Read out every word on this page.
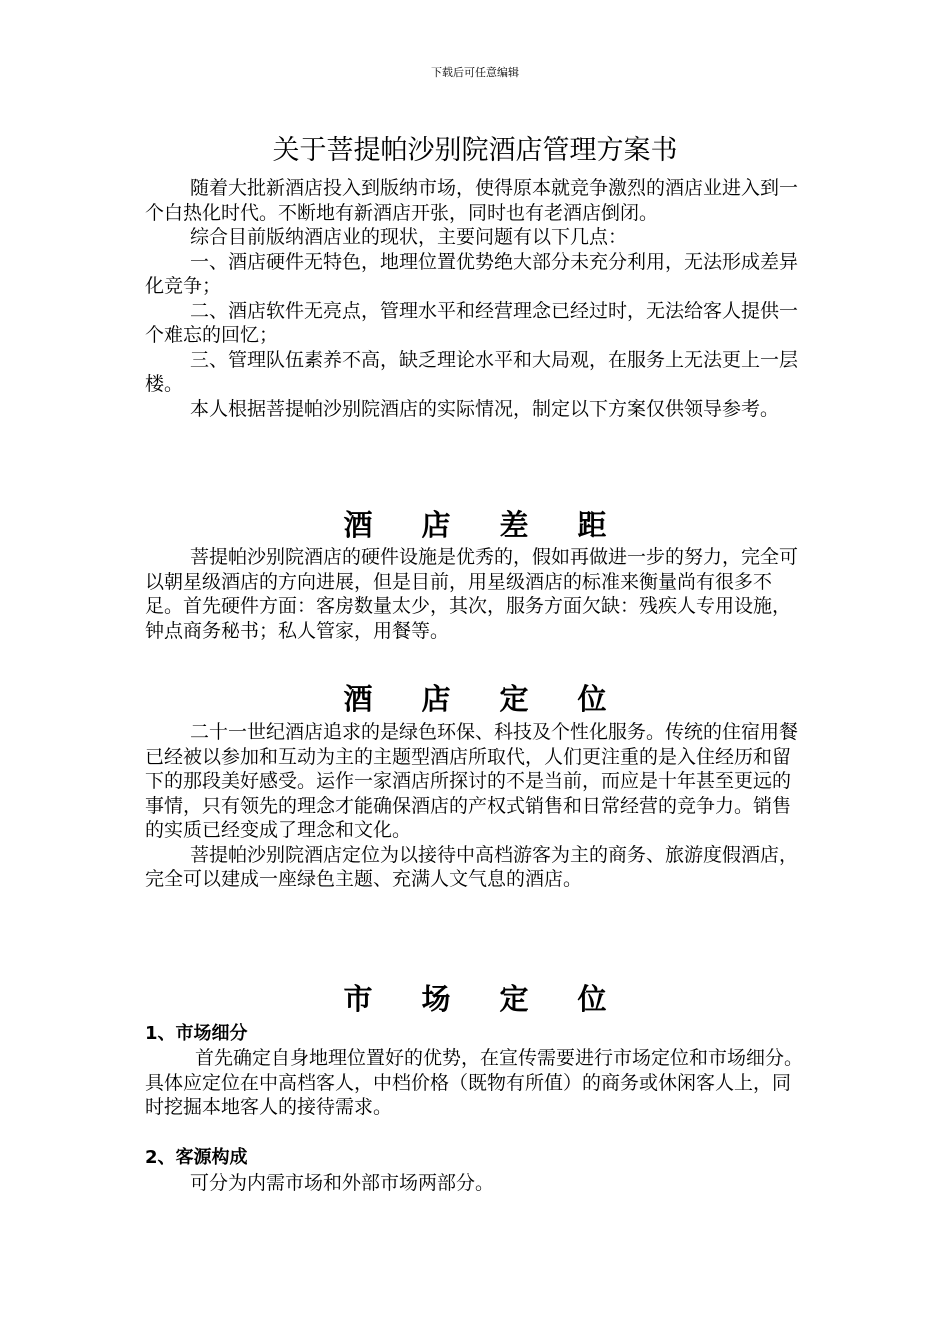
下载后可任意编辑
关于菩提帕沙别院酒店管理方案书

随着大批新酒店投入到版纳市场，使得原本就竞争激烈的酒店业进入到一个白热化时代。不断地有新酒店开张，同时也有老酒店倒闭。

综合目前版纳酒店业的现状，主要问题有以下几点：

一、酒店硬件无特色，地理位置优势绝大部分未充分利用，无法形成差异化竞争；

二、酒店软件无亮点，管理水平和经营理念已经过时，无法给客人提供一个难忘的回忆；

三、管理队伍素养不高，缺乏理论水平和大局观，在服务上无法更上一层楼。

本人根据菩提帕沙别院酒店的实际情况，制定以下方案仅供领导参考。

酒店差距

菩提帕沙别院酒店的硬件设施是优秀的，假如再做进一步的努力，完全可以朝星级酒店的方向进展，但是目前，用星级酒店的标准来衡量尚有很多不足。首先硬件方面：客房数量太少，其次，服务方面欠缺：残疾人专用设施，钟点商务秘书；私人管家，用餐等。

酒店定位

二十一世纪酒店追求的是绿色环保、科技及个性化服务。传统的住宿用餐已经被以参加和互动为主的主题型酒店所取代，人们更注重的是入住经历和留下的那段美好感受。运作一家酒店所探讨的不是当前，而应是十年甚至更远的事情，只有领先的理念才能确保酒店的产权式销售和日常经营的竞争力。销售的实质已经变成了理念和文化。

菩提帕沙别院酒店定位为以接待中高档游客为主的商务、旅游度假酒店，完全可以建成一座绿色主题、充满人文气息的酒店。

市场定位
1、市场细分

首先确定自身地理位置好的优势，在宣传需要进行市场定位和市场细分。具体应定位在中高档客人，中档价格（既物有所值）的商务或休闲客人上，同时挖掘本地客人的接待需求。

2、客源构成

可分为内需市场和外部市场两部分。
